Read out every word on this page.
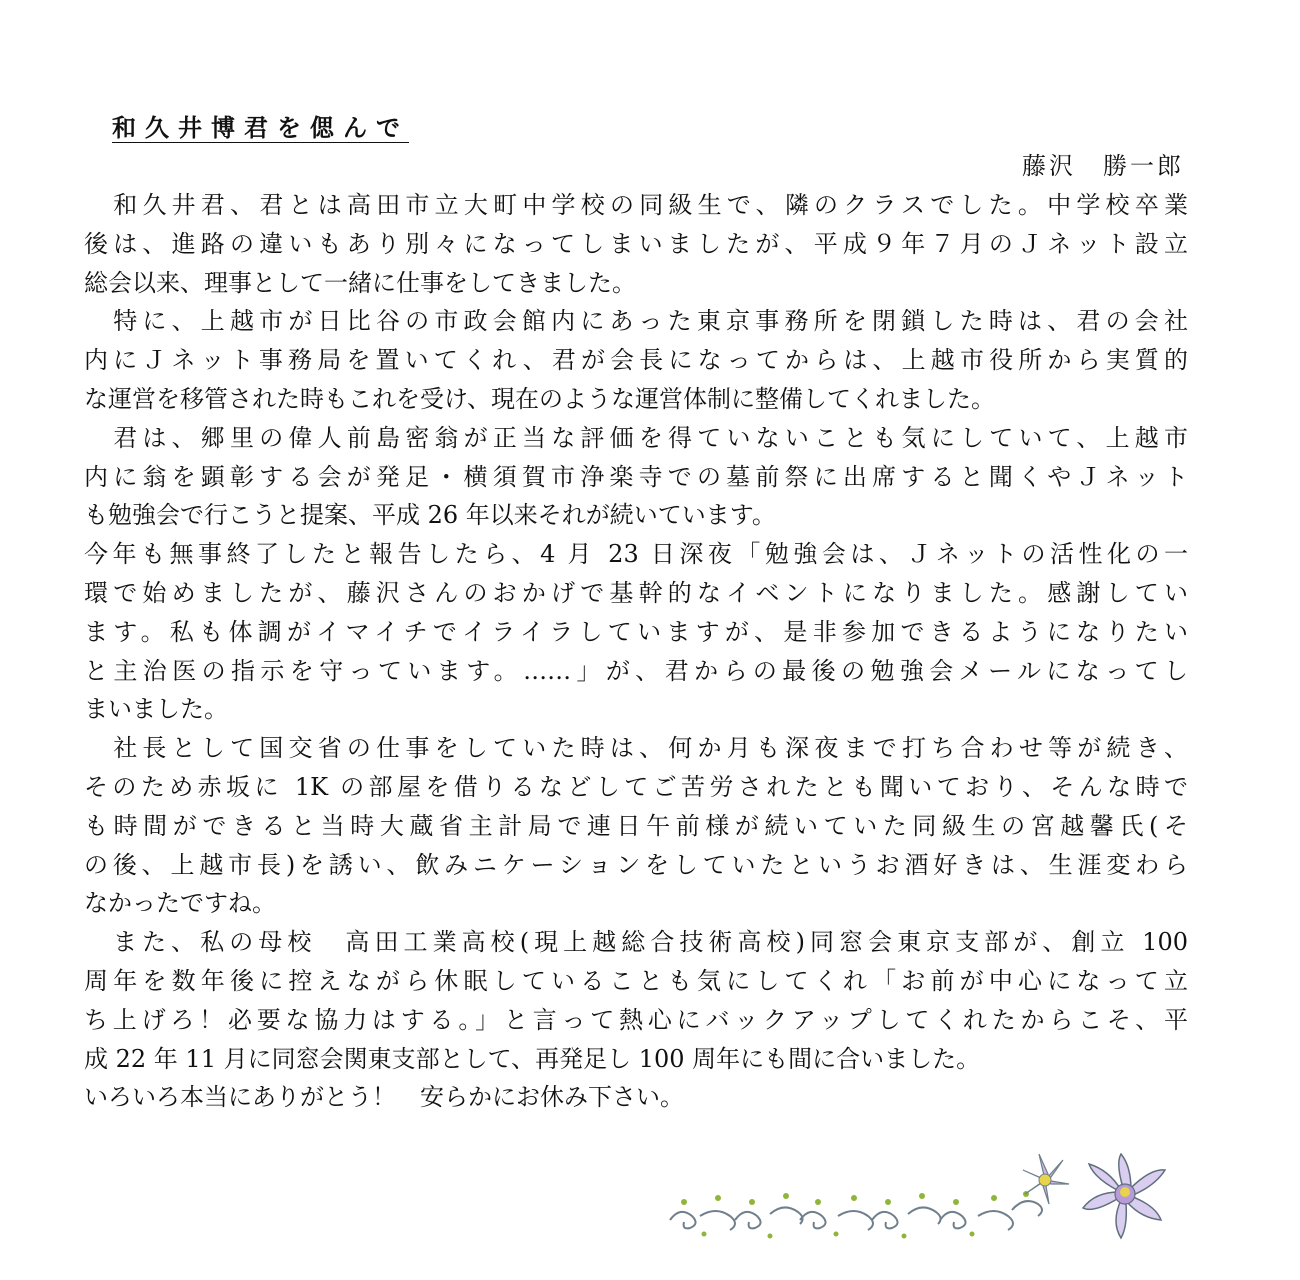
和久井博君を偲んで
藤沢　勝一郎
　和久井君、君とは高田市立大町中学校の同級生で、隣のクラスでした。中学校卒業
後は、進路の違いもあり別々になってしまいましたが、平成９年７月のＪネット設立
総会以来、理事として一緒に仕事をしてきました。
　特に、上越市が日比谷の市政会館内にあった東京事務所を閉鎖した時は、君の会社
内にＪネット事務局を置いてくれ、君が会長になってからは、上越市役所から実質的
な運営を移管された時もこれを受け、現在のような運営体制に整備してくれました。
　君は、郷里の偉人前島密翁が正当な評価を得ていないことも気にしていて、上越市
内に翁を顕彰する会が発足・横須賀市浄楽寺での墓前祭に出席すると聞くやＪネット
も勉強会で行こうと提案、平成 26 年以来それが続いています。
今年も無事終了したと報告したら、4 月 23 日深夜「勉強会は、Ｊネットの活性化の一
環で始めましたが、藤沢さんのおかげで基幹的なイベントになりました。感謝してい
ます。私も体調がイマイチでイライラしていますが、是非参加できるようになりたい
と主治医の指示を守っています。‥‥‥」が、君からの最後の勉強会メールになってし
まいました。
　社長として国交省の仕事をしていた時は、何か月も深夜まで打ち合わせ等が続き、
そのため赤坂に 1K の部屋を借りるなどしてご苦労されたとも聞いており、そんな時で
も時間ができると当時大蔵省主計局で連日午前様が続いていた同級生の宮越馨氏(そ
の後、上越市長)を誘い、飲みニケーションをしていたというお酒好きは、生涯変わら
なかったですね。
　また、私の母校　高田工業高校(現上越総合技術高校)同窓会東京支部が、創立 100
周年を数年後に控えながら休眠していることも気にしてくれ「お前が中心になって立
ち上げろ！必要な協力はする。」と言って熱心にバックアップしてくれたからこそ、平
成 22 年 11 月に同窓会関東支部として、再発足し 100 周年にも間に合いました。
いろいろ本当にありがとう！　安らかにお休み下さい。
